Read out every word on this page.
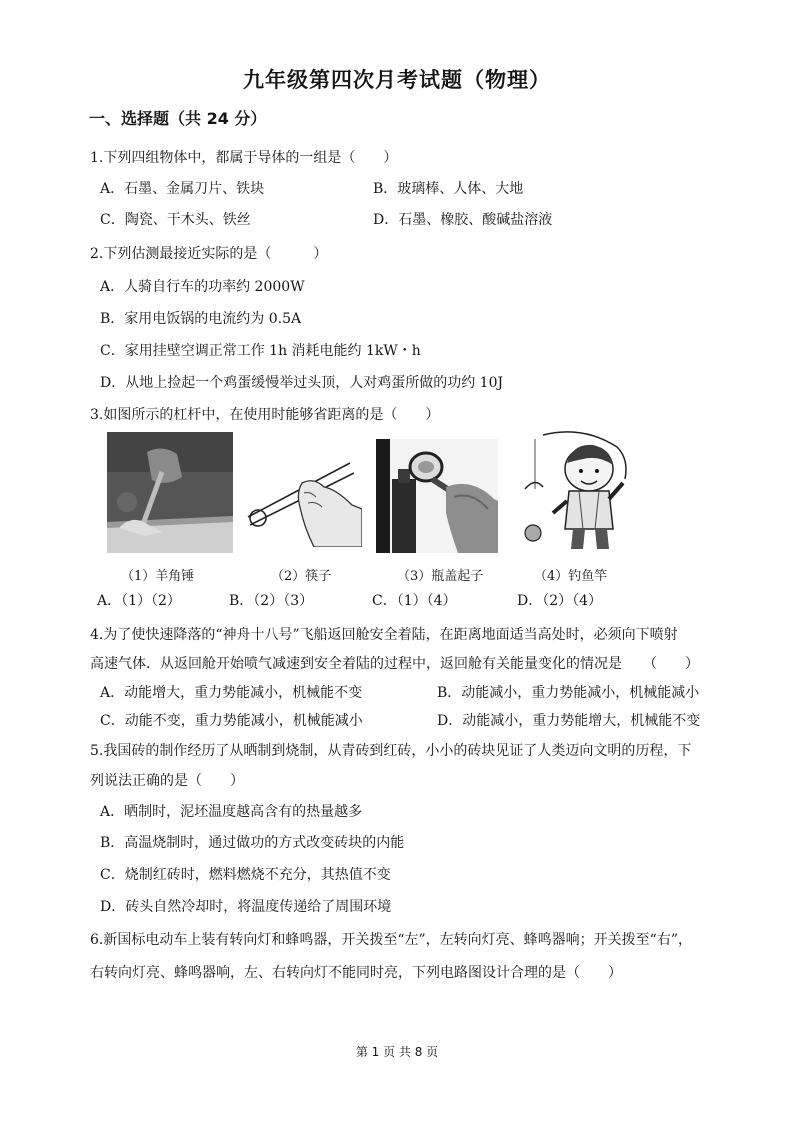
九年级第四次月考试题（物理）
一、选择题（共 24 分）
1.下列四组物体中，都属于导体的一组是（　　）
A．石墨、金属刀片、铁块	B．玻璃棒、人体、大地
C．陶瓷、干木头、铁丝	D．石墨、橡胶、酸碱盐溶液
2.下列估测最接近实际的是（　　　）
A．人骑自行车的功率约 2000W
B．家用电饭锅的电流约为 0.5A
C．家用挂壁空调正常工作 1h 消耗电能约 1kW・h
D．从地上捡起一个鸡蛋缓慢举过头顶，人对鸡蛋所做的功约 10J
3.如图所示的杠杆中，在使用时能够省距离的是（　　）
（1）羊角锤	（2）筷子	（3）瓶盖起子	（4）钓鱼竿
A．（1）（2）	B．（2）（3）	C．（1）（4）	D．（2）（4）
4.为了使快速降落的“神舟十八号”飞船返回舱安全着陆，在距离地面适当高处时，必须向下喷射
高速气体．从返回舱开始喷气减速到安全着陆的过程中，返回舱有关能量变化的情况是　　（　　）
A．动能增大，重力势能减小，机械能不变	B．动能减小，重力势能减小，机械能减小
C．动能不变，重力势能减小，机械能减小	D．动能减小，重力势能增大，机械能不变
5.我国砖的制作经历了从晒制到烧制，从青砖到红砖，小小的砖块见证了人类迈向文明的历程，下
列说法正确的是（　　）
A．晒制时，泥坯温度越高含有的热量越多
B．高温烧制时，通过做功的方式改变砖块的内能
C．烧制红砖时，燃料燃烧不充分，其热值不变
D．砖头自然冷却时，将温度传递给了周围环境
6.新国标电动车上装有转向灯和蜂鸣器，开关拨至“左”，左转向灯亮、蜂鸣器响；开关拨至“右”，
右转向灯亮、蜂鸣器响，左、右转向灯不能同时亮，下列电路图设计合理的是（　　）
第 1 页 共 8 页
